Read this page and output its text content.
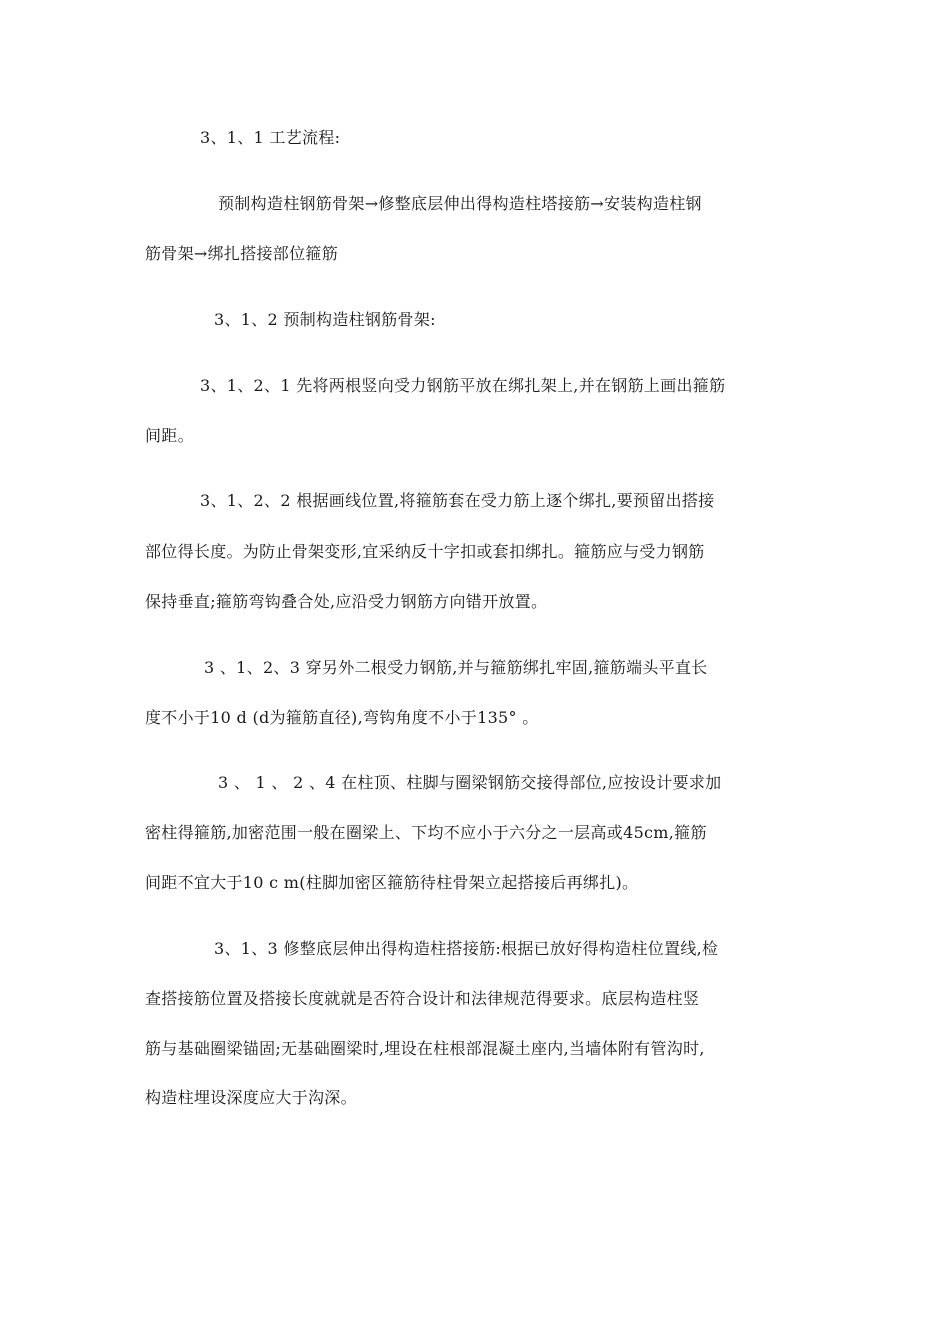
3、1、1 工艺流程:
预制构造柱钢筋骨架→修整底层伸出得构造柱塔接筋→安装构造柱钢
筋骨架→绑扎搭接部位箍筋
3、1、2 预制构造柱钢筋骨架:
3、1、2、1 先将两根竖向受力钢筋平放在绑扎架上,并在钢筋上画出箍筋
间距。
3、1、2、2 根据画线位置,将箍筋套在受力筋上逐个绑扎,要预留出搭接
部位得长度。为防止骨架变形,宜采纳反十字扣或套扣绑扎。箍筋应与受力钢筋
保持垂直;箍筋弯钩叠合处,应沿受力钢筋方向错开放置。
3 、1、2、3 穿另外二根受力钢筋,并与箍筋绑扎牢固,箍筋端头平直长
度不小于10 d (d为箍筋直径),弯钩角度不小于135° 。
3 、 1 、 2 、4 在柱顶、柱脚与圈梁钢筋交接得部位,应按设计要求加
密柱得箍筋,加密范围一般在圈梁上、下均不应小于六分之一层高或45cm,箍筋
间距不宜大于10 c m(柱脚加密区箍筋待柱骨架立起搭接后再绑扎)。
3、1、3 修整底层伸出得构造柱搭接筋:根据已放好得构造柱位置线,检
查搭接筋位置及搭接长度就就是否符合设计和法律规范得要求。底层构造柱竖
筋与基础圈梁锚固;无基础圈梁时,埋设在柱根部混凝土座内,当墙体附有管沟时,
构造柱埋设深度应大于沟深。
